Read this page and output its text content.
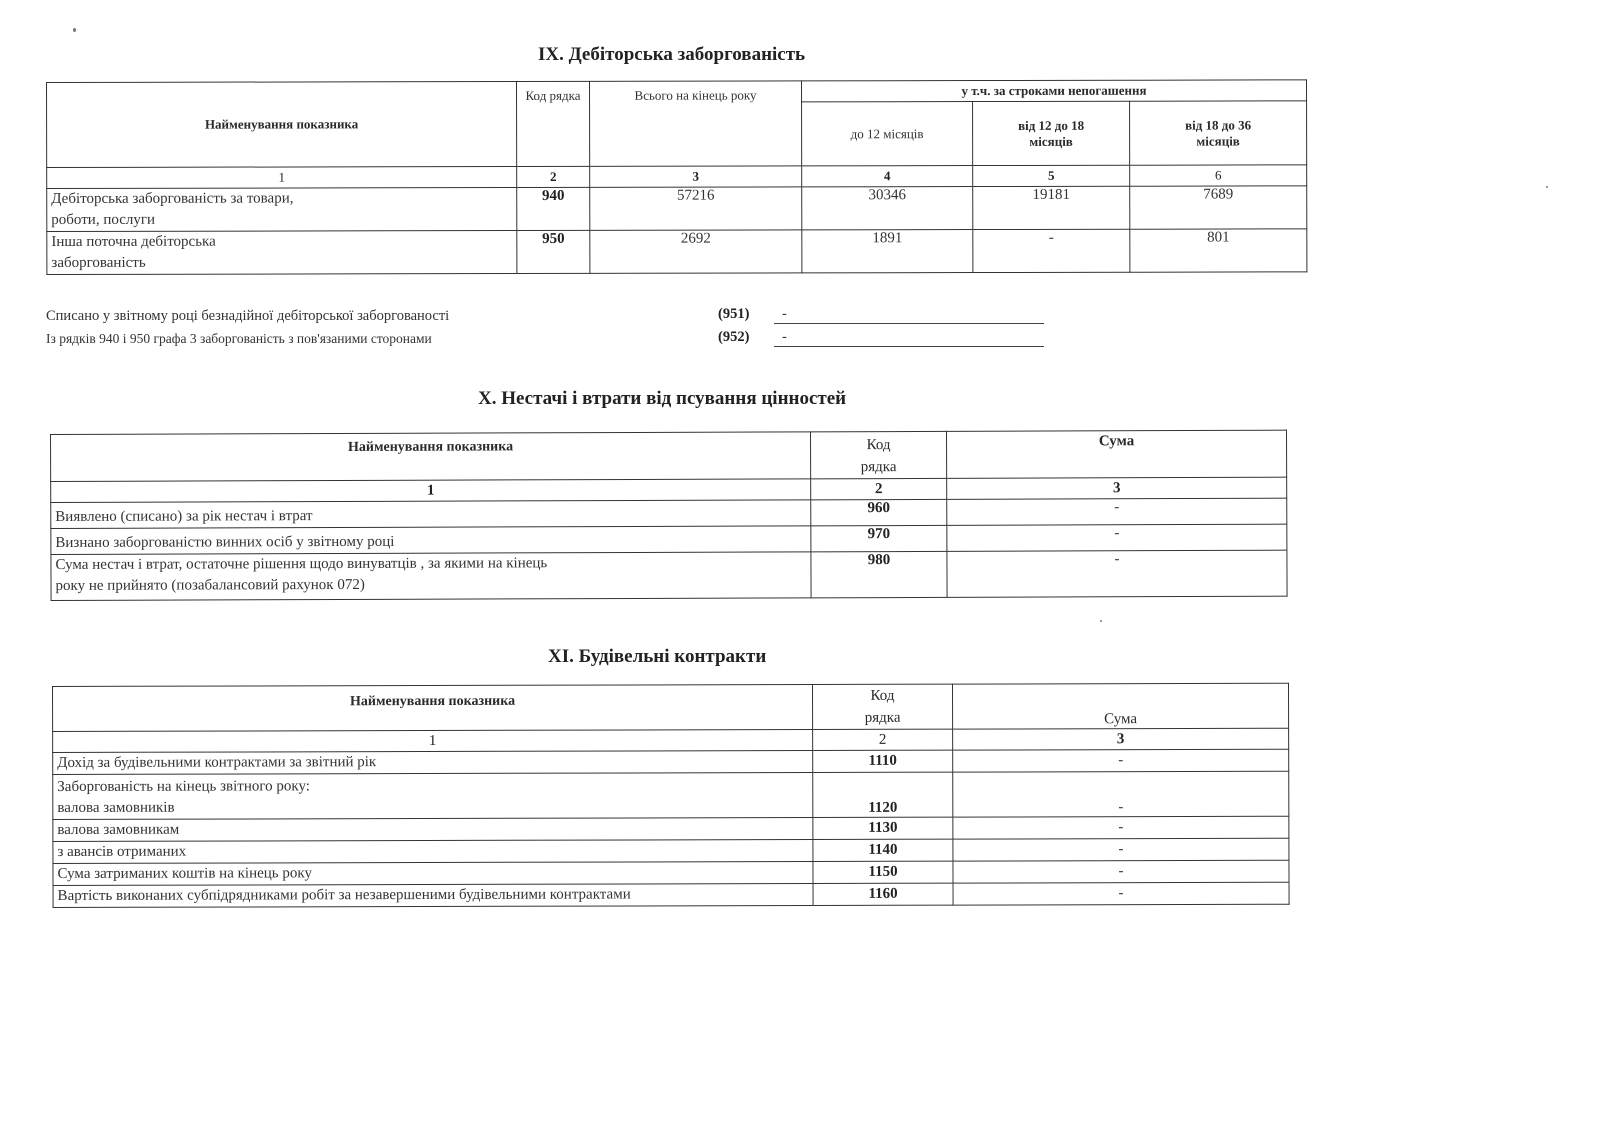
IX. Дебіторська заборгованість
Найменування показника	Код рядка	Всього на кінець року	у т.ч. за строками непогашення		
			до 12 місяців	від 12 до 18 місяців	від 18 до 36 місяців
1	2	3	4	5	6
Дебіторська заборгованість за товари, роботи, послуги	940	57216	30346	19181	7689
Інша поточна дебіторська заборгованість	950	2692	1891	-	801
Списано у звітному році безнадійної дебіторської заборгованості	(951) -
Із рядків 940 і 950 графа 3 заборгованість з пов'язаними сторонами	(952) -
X. Нестачі і втрати від псування цінностей
Найменування показника	Код рядка	Сума
1	2	3
Виявлено (списано) за рік нестач і втрат	960	-
Визнано заборгованістю винних осіб у звітному році	970	-
Сума нестач і втрат, остаточне рішення щодо винуватців , за якими на кінець року не прийнято (позабалансовий рахунок 072)	980	-
XI. Будівельні контракти
Найменування показника	Код рядка	Сума
1	2	3
Дохід за будівельними контрактами за звітний рік	1110	-

Заборгованість на кінець звітного року:
валова замовників	1120	-
валова замовникам	1130	-
з авансів отриманих	1140	-
Сума затриманих коштів на кінець року	1150	-
Вартість виконаних субпідрядниками робіт за незавершеними будівельними контрактами	1160	-
